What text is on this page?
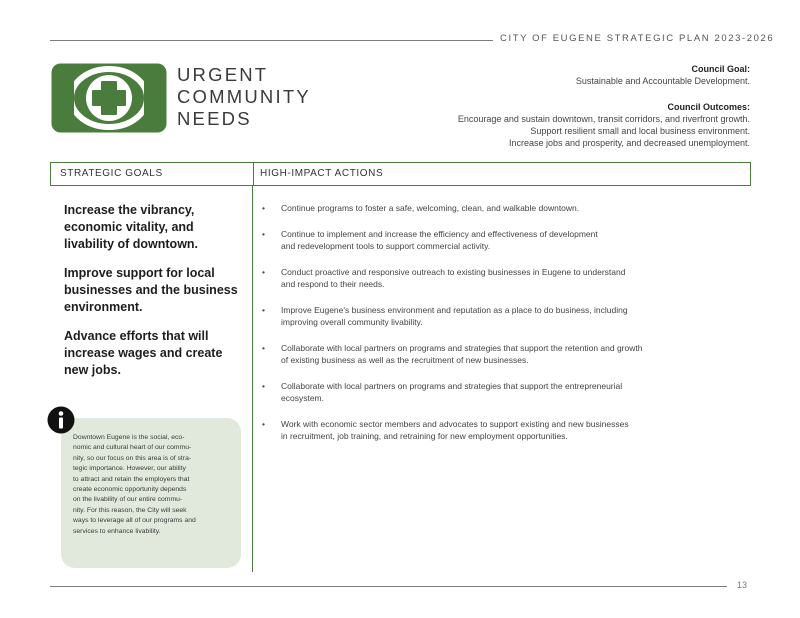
CITY OF EUGENE STRATEGIC PLAN 2023-2026
URGENT
COMMUNITY
NEEDS
Council Goal:
Sustainable and Accountable Development.
Council Outcomes:
Encourage and sustain downtown, transit corridors, and riverfront growth.
Support resilient small and local business environment.
Increase jobs and prosperity, and decreased unemployment.
STRATEGIC GOALS	HIGH-IMPACT ACTIONS
Increase the vibrancy, economic vitality, and livability of downtown.
Improve support for local businesses and the business environment.
Advance efforts that will increase wages and create new jobs.
• Continue programs to foster a safe, welcoming, clean, and walkable downtown.
• Continue to implement and increase the efficiency and effectiveness of development
and redevelopment tools to support commercial activity.
• Conduct proactive and responsive outreach to existing businesses in Eugene to understand
and respond to their needs.
• Improve Eugene's business environment and reputation as a place to do business, including
improving overall community livability.
• Collaborate with local partners on programs and strategies that support the retention and growth
of existing business as well as the recruitment of new businesses.
• Collaborate with local partners on programs and strategies that support the entrepreneurial
ecosystem.
• Work with economic sector members and advocates to support existing and new businesses
in recruitment, job training, and retraining for new employment opportunities.
Downtown Eugene is the social, eco-
nomic and cultural heart of our commu-
nity, so our focus on this area is of stra-
tegic importance. However, our ability
to attract and retain the employers that
create economic opportunity depends
on the livability of our entire commu-
nity. For this reason, the City will seek
ways to leverage all of our programs and
services to enhance livability.
13
